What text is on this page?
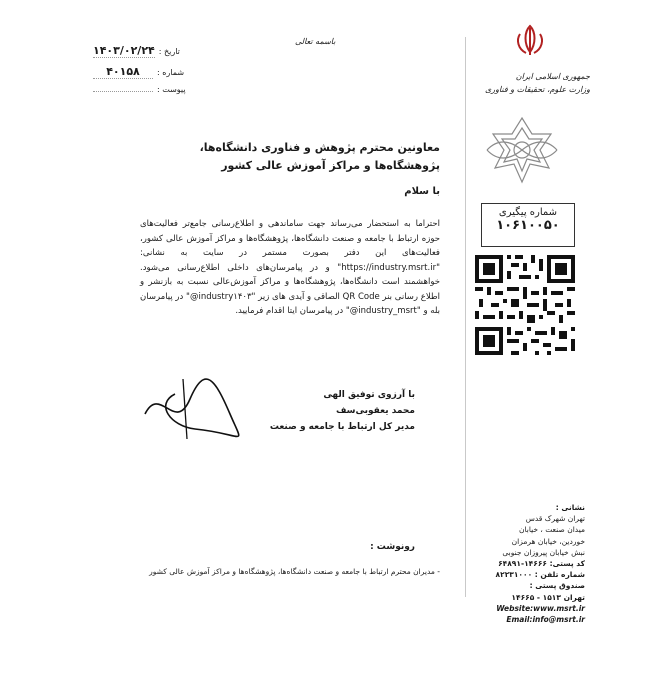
جمهوری اسلامی ایران
وزارت علوم، تحقیقات و فناوری
باسمه تعالی
تاریخ :
۱۴۰۳/۰۲/۲۴
شماره :
۴۰۱۵۸
پیوست :
معاونین محترم پژوهش و فناوری دانشگاه‌ها، پژوهشگاه‌ها و مراکز آموزش عالی کشور
با سلام
احتراما به استحضار می‌رساند جهت ساماندهی و اطلاع‌رسانی جامع‌تر فعالیت‌های حوزه ارتباط با جامعه و صنعت دانشگاه‌ها، پژوهشگاه‌ها و مراکز آموزش عالی کشور، فعالیت‌های این دفتر بصورت مستمر در سایت به نشانی: "https://industry.msrt.ir" و در پیامرسان‌های داخلی اطلاع‌رسانی می‌شود. خواهشمند است دانشگاه‌ها، پژوهشگاه‌ها و مراکز آموزش‌عالی نسبت به بازنشر و اطلاع رسانی بنر QR Code الصاقی و آیدی های زیر "industry۱۴۰۳@" در پیامرسان بله و "industry_msrt@" در پیامرسان ایتا اقدام فرمایید.
با آرزوی توفیق الهی
محمد یعقوبی‌سف
مدیر کل ارتباط با جامعه و صنعت
رونوشت :
- مدیران محترم ارتباط با جامعه و صنعت دانشگاه‌ها، پژوهشگاه‌ها و مراکز آموزش عالی کشور
شماره پیگیری
۱۰۶۱۰۰۵۰
نشانی :
تهران شهرک قدس
میدان صنعت ، خیابان
خوردین، خیابان هرمزان
نبش خیابان پیروزان جنوبی
کد پستی: ۱۴۶۶۶-۶۴۸۹۱
شماره تلفن : ۸۲۲۳۱۰۰۰
صندوق پستی :
تهران ۱۵۱۳ - ۱۴۶۶۵
Website:www.msrt.ir
Email:info@msrt.ir
